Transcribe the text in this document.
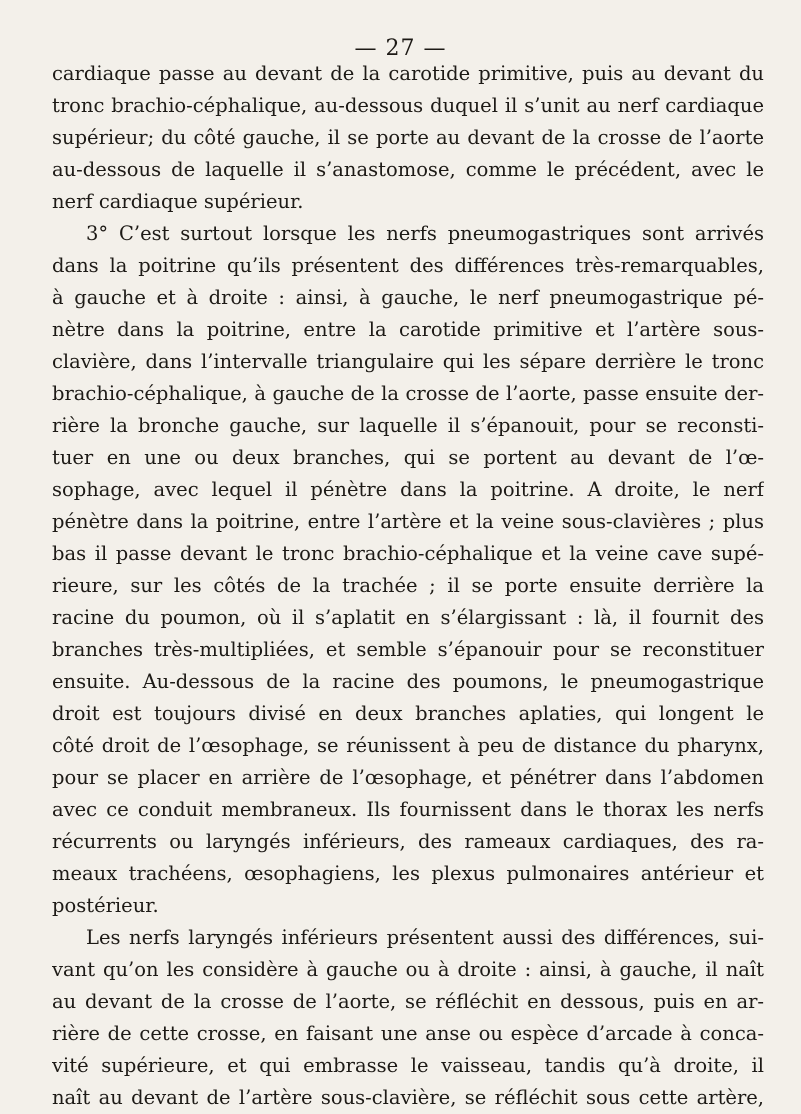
— 27 —
cardiaque passe au devant de la carotide primitive, puis au devant du
tronc brachio-céphalique, au-dessous duquel il s’unit au nerf cardiaque
supérieur; du côté gauche, il se porte au devant de la crosse de l’aorte
au-dessous de laquelle il s’anastomose, comme le précédent, avec le
nerf cardiaque supérieur.
3° C’est surtout lorsque les nerfs pneumogastriques sont arrivés
dans la poitrine qu’ils présentent des différences très-remarquables,
à gauche et à droite : ainsi, à gauche, le nerf pneumogastrique pé-
nètre dans la poitrine, entre la carotide primitive et l’artère sous-
clavière, dans l’intervalle triangulaire qui les sépare derrière le tronc
brachio-céphalique, à gauche de la crosse de l’aorte, passe ensuite der-
rière la bronche gauche, sur laquelle il s’épanouit, pour se reconsti-
tuer en une ou deux branches, qui se portent au devant de l’œ-
sophage, avec lequel il pénètre dans la poitrine. A droite, le nerf
pénètre dans la poitrine, entre l’artère et la veine sous-clavières ; plus
bas il passe devant le tronc brachio-céphalique et la veine cave supé-
rieure, sur les côtés de la trachée ; il se porte ensuite derrière la
racine du poumon, où il s’aplatit en s’élargissant : là, il fournit des
branches très-multipliées, et semble s’épanouir pour se reconstituer
ensuite. Au-dessous de la racine des poumons, le pneumogastrique
droit est toujours divisé en deux branches aplaties, qui longent le
côté droit de l’œsophage, se réunissent à peu de distance du pharynx,
pour se placer en arrière de l’œsophage, et pénétrer dans l’abdomen
avec ce conduit membraneux. Ils fournissent dans le thorax les nerfs
récurrents ou laryngés inférieurs, des rameaux cardiaques, des ra-
meaux trachéens, œsophagiens, les plexus pulmonaires antérieur et
postérieur.
Les nerfs laryngés inférieurs présentent aussi des différences, sui-
vant qu’on les considère à gauche ou à droite : ainsi, à gauche, il naît
au devant de la crosse de l’aorte, se réfléchit en dessous, puis en ar-
rière de cette crosse, en faisant une anse ou espèce d’arcade à conca-
vité supérieure, et qui embrasse le vaisseau, tandis qu’à droite, il
naît au devant de l’artère sous-clavière, se réfléchit sous cette artère,
